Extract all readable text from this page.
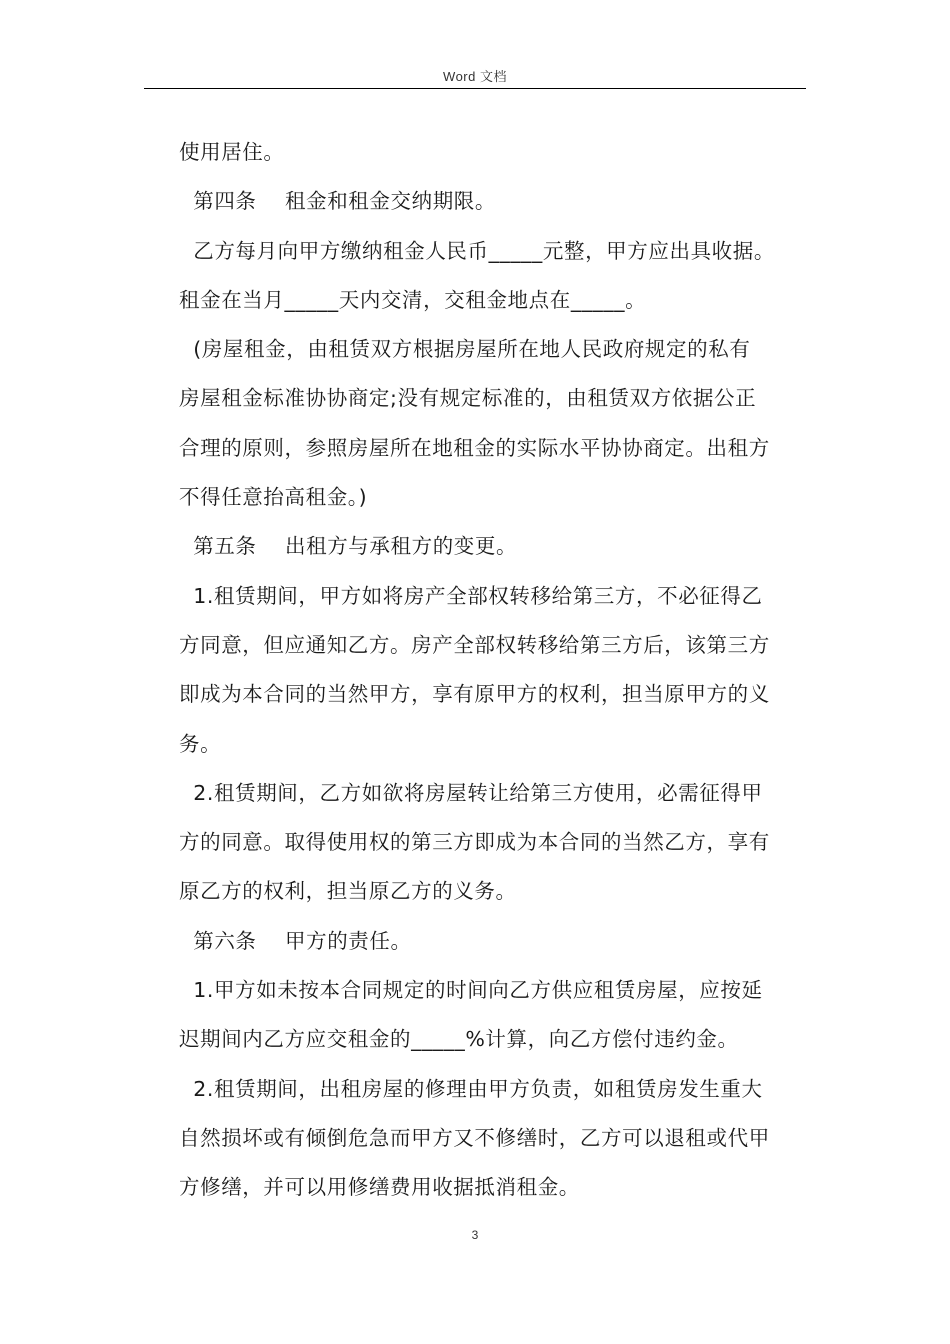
Word 文档
使用居住。
第四条    租金和租金交纳期限。
乙方每月向甲方缴纳租金人民币_____元整，甲方应出具收据。
租金在当月_____天内交清，交租金地点在_____。
(房屋租金，由租赁双方根据房屋所在地人民政府规定的私有
房屋租金标准协协商定;没有规定标准的，由租赁双方依据公正
合理的原则，参照房屋所在地租金的实际水平协协商定。出租方
不得任意抬高租金。)
第五条    出租方与承租方的变更。
1.租赁期间，甲方如将房产全部权转移给第三方，不必征得乙
方同意，但应通知乙方。房产全部权转移给第三方后，该第三方
即成为本合同的当然甲方，享有原甲方的权利，担当原甲方的义
务。
2.租赁期间，乙方如欲将房屋转让给第三方使用，必需征得甲
方的同意。取得使用权的第三方即成为本合同的当然乙方，享有
原乙方的权利，担当原乙方的义务。
第六条    甲方的责任。
1.甲方如未按本合同规定的时间向乙方供应租赁房屋，应按延
迟期间内乙方应交租金的_____%计算，向乙方偿付违约金。
2.租赁期间，出租房屋的修理由甲方负责，如租赁房发生重大
自然损坏或有倾倒危急而甲方又不修缮时，乙方可以退租或代甲
方修缮，并可以用修缮费用收据抵消租金。
3
